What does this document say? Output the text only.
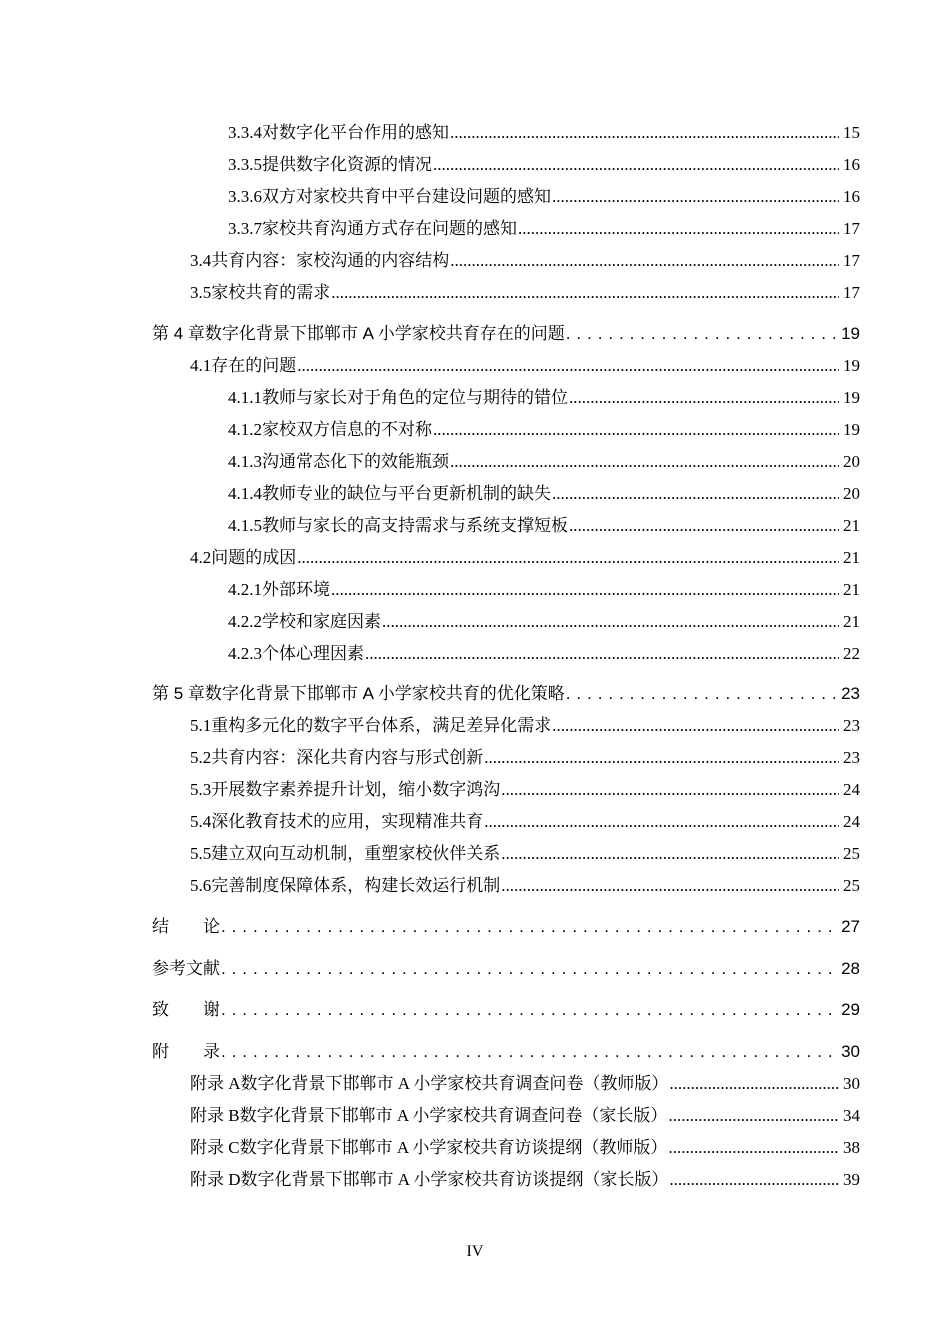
3.3.4 对数字化平台作用的感知 .....	15
3.3.5 提供数字化资源的情况 .....	16
3.3.6 双方对家校共育中平台建设问题的感知 .....	16
3.3.7 家校共育沟通方式存在问题的感知 .....	17
3.4 共育内容：家校沟通的内容结构 .....	17
3.5 家校共育的需求 .....	17
第 4 章 数字化背景下邯郸市 A 小学家校共育存在的问题 . . .	19
4.1 存在的问题 .....	19
4.1.1 教师与家长对于角色的定位与期待的错位 .....	19
4.1.2 家校双方信息的不对称 .....	19
4.1.3 沟通常态化下的效能瓶颈 .....	20
4.1.4 教师专业的缺位与平台更新机制的缺失 .....	20
4.1.5 教师与家长的高支持需求与系统支撑短板 .....	21
4.2 问题的成因 .....	21
4.2.1 外部环境 .....	21
4.2.2 学校和家庭因素 .....	21
4.2.3 个体心理因素 .....	22
第 5 章 数字化背景下邯郸市 A 小学家校共育的优化策略 . . .	23
5.1 重构多元化的数字平台体系，满足差异化需求 .....	23
5.2 共育内容：深化共育内容与形式创新 .....	23
5.3 开展数字素养提升计划，缩小数字鸿沟 .....	24
5.4 深化教育技术的应用，实现精准共育 .....	24
5.5 建立双向互动机制，重塑家校伙伴关系 .....	25
5.6 完善制度保障体系，构建长效运行机制 .....	25
结　　论 . . .	27
参考文献 . . .	28
致　　谢 . . .	29
附　　录 . . .	30
附录 A 数字化背景下邯郸市 A 小学家校共育调查问卷（教师版） .....	30
附录 B 数字化背景下邯郸市 A 小学家校共育调查问卷（家长版） .....	34
附录 C 数字化背景下邯郸市 A 小学家校共育访谈提纲（教师版） .....	38
附录 D 数字化背景下邯郸市 A 小学家校共育访谈提纲（家长版） .....	39
IV
